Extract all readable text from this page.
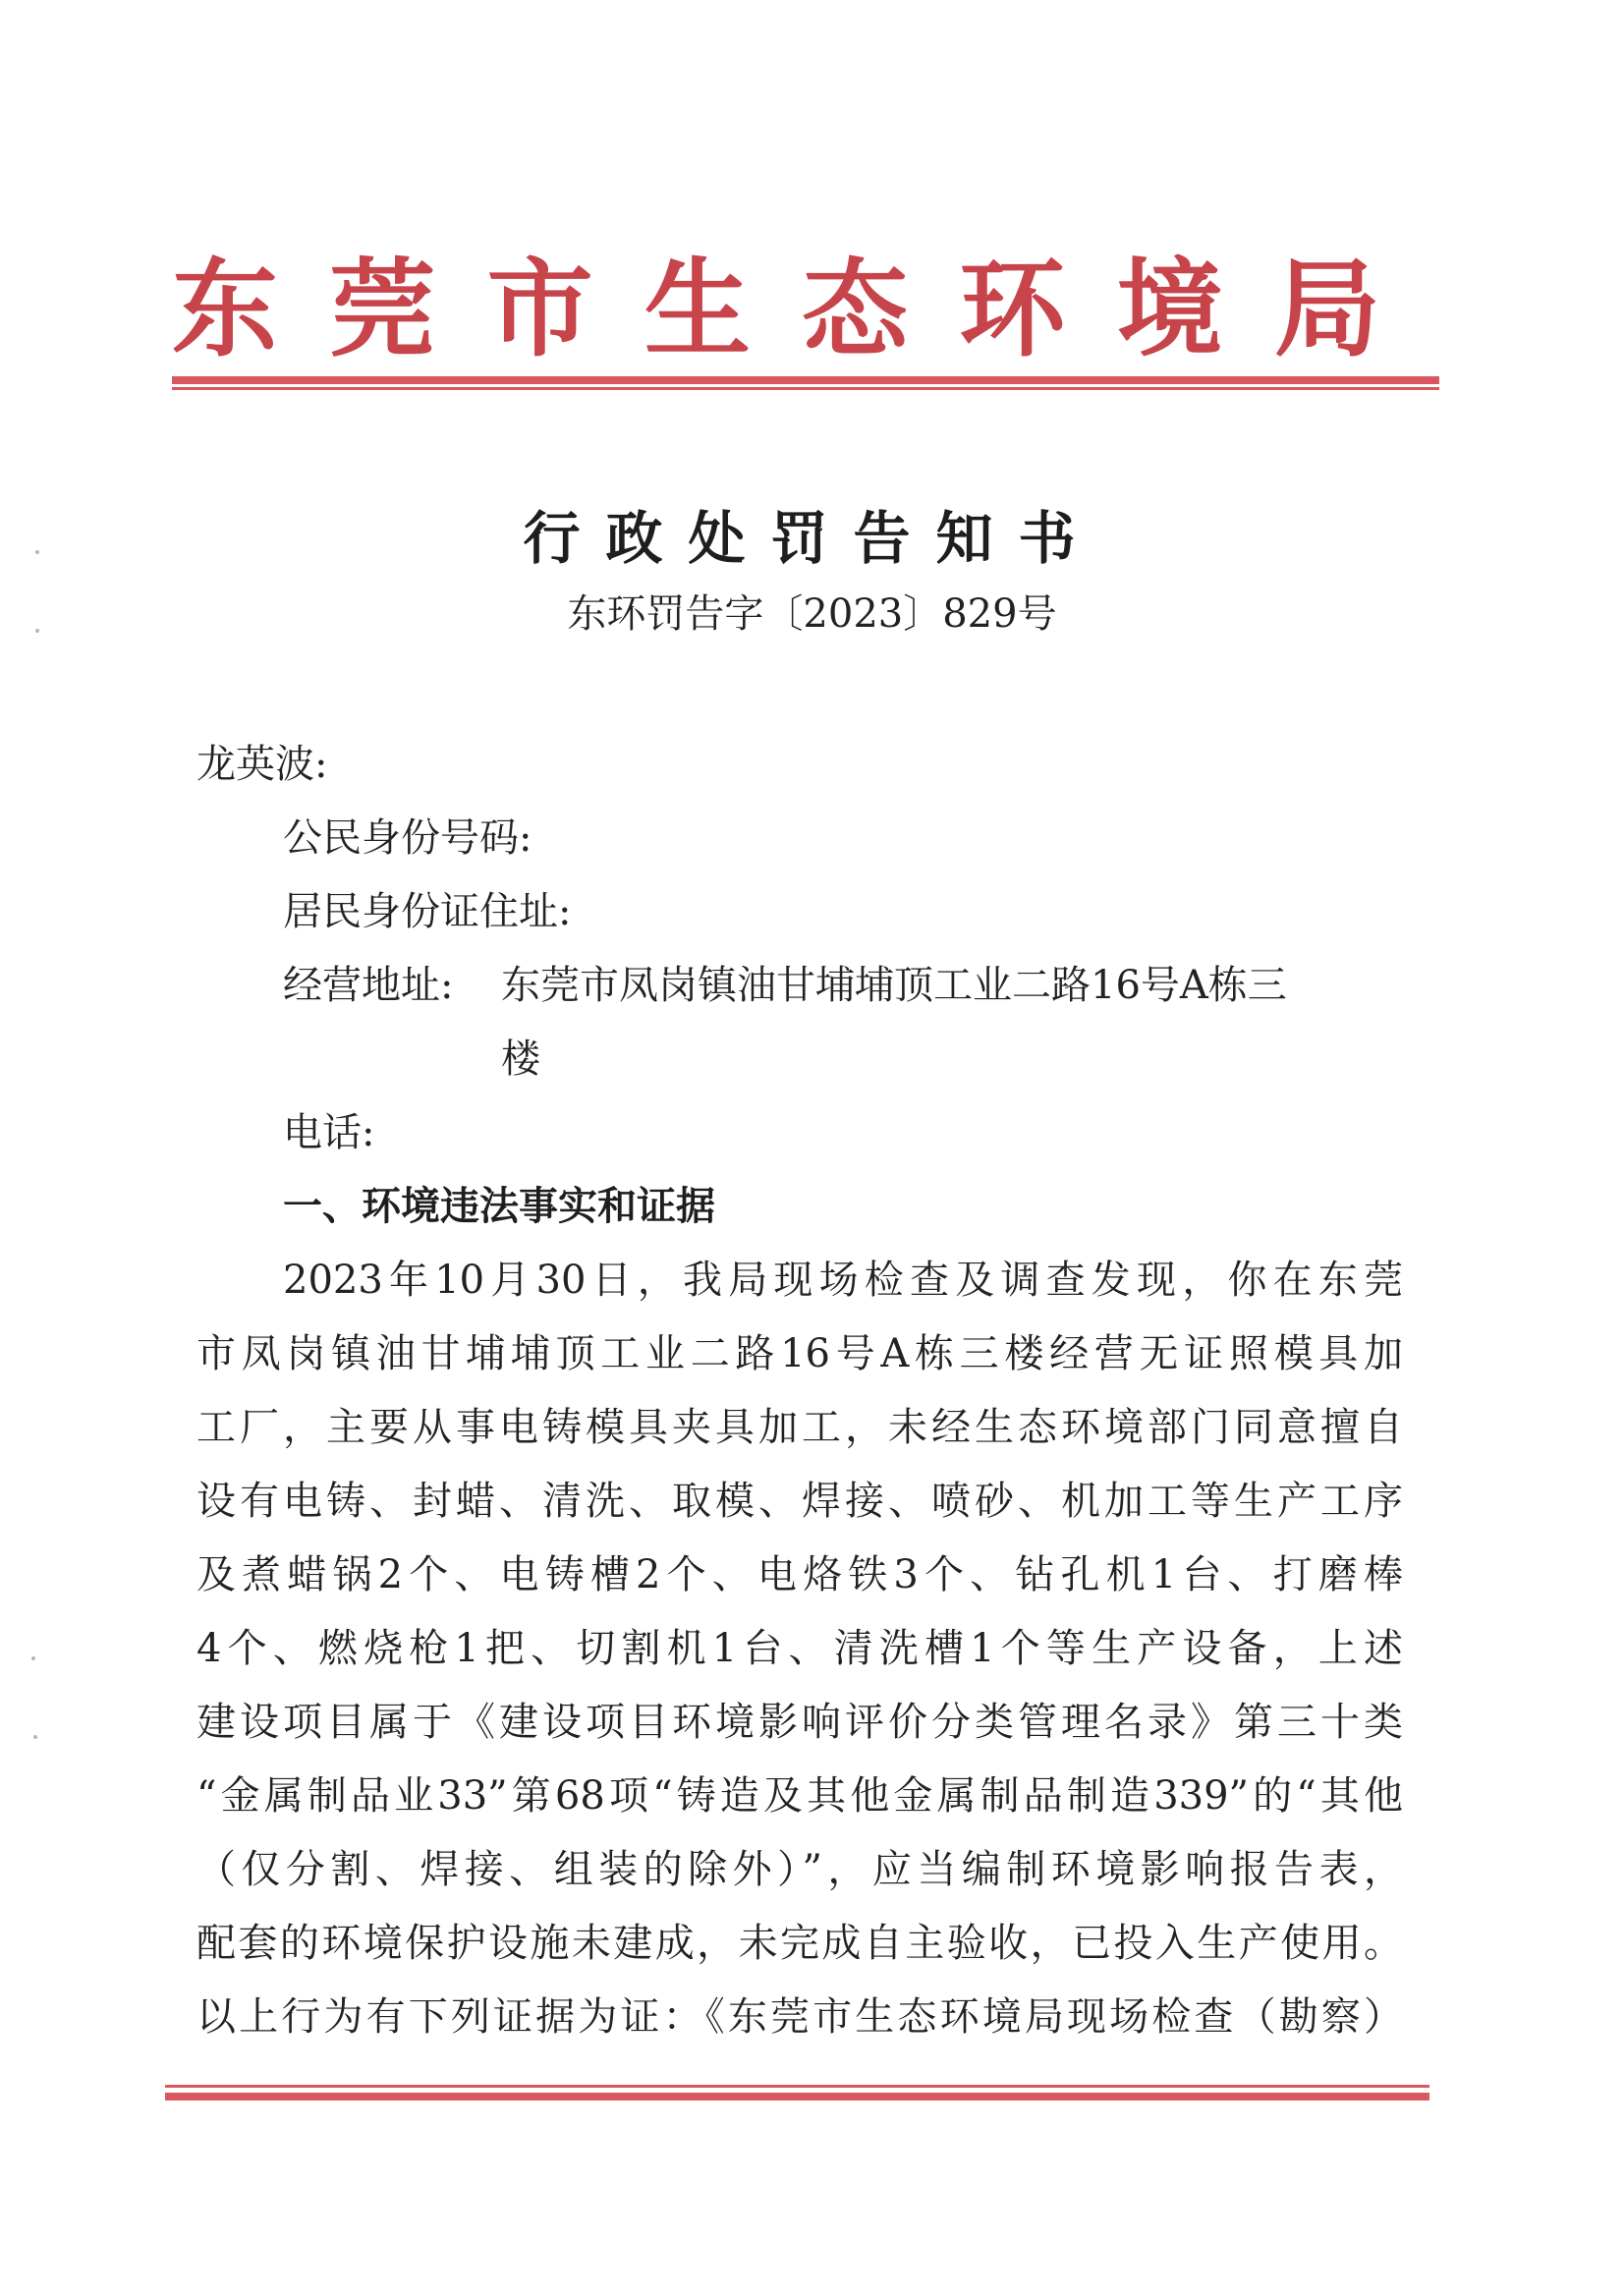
东 莞 市 生 态 环 境 局
行政处罚告知书
东环罚告字〔2023〕829号
龙英波:
公民身份号码:
居民身份证住址:
经营地址: 东莞市凤岗镇油甘埔埔顶工业二路16号A栋三
楼
电话:
一、环境违法事实和证据
2023年10月30日，我局现场检查及调查发现，你在东莞
市凤岗镇油甘埔埔顶工业二路16号A栋三楼经营无证照模具加
工厂，主要从事电铸模具夹具加工，未经生态环境部门同意擅自
设有电铸、封蜡、清洗、取模、焊接、喷砂、机加工等生产工序
及煮蜡锅2个、电铸槽2个、电烙铁3个、钻孔机1台、打磨棒
4个、燃烧枪1把、切割机1台、清洗槽1个等生产设备，上述
建设项目属于《建设项目环境影响评价分类管理名录》第三十类
“金属制品业33”第68项“铸造及其他金属制品制造339”的“其他
（仅分割、焊接、组装的除外）”，应当编制环境影响报告表，
配套的环境保护设施未建成，未完成自主验收，已投入生产使用。
以上行为有下列证据为证：《东莞市生态环境局现场检查（勘察）
